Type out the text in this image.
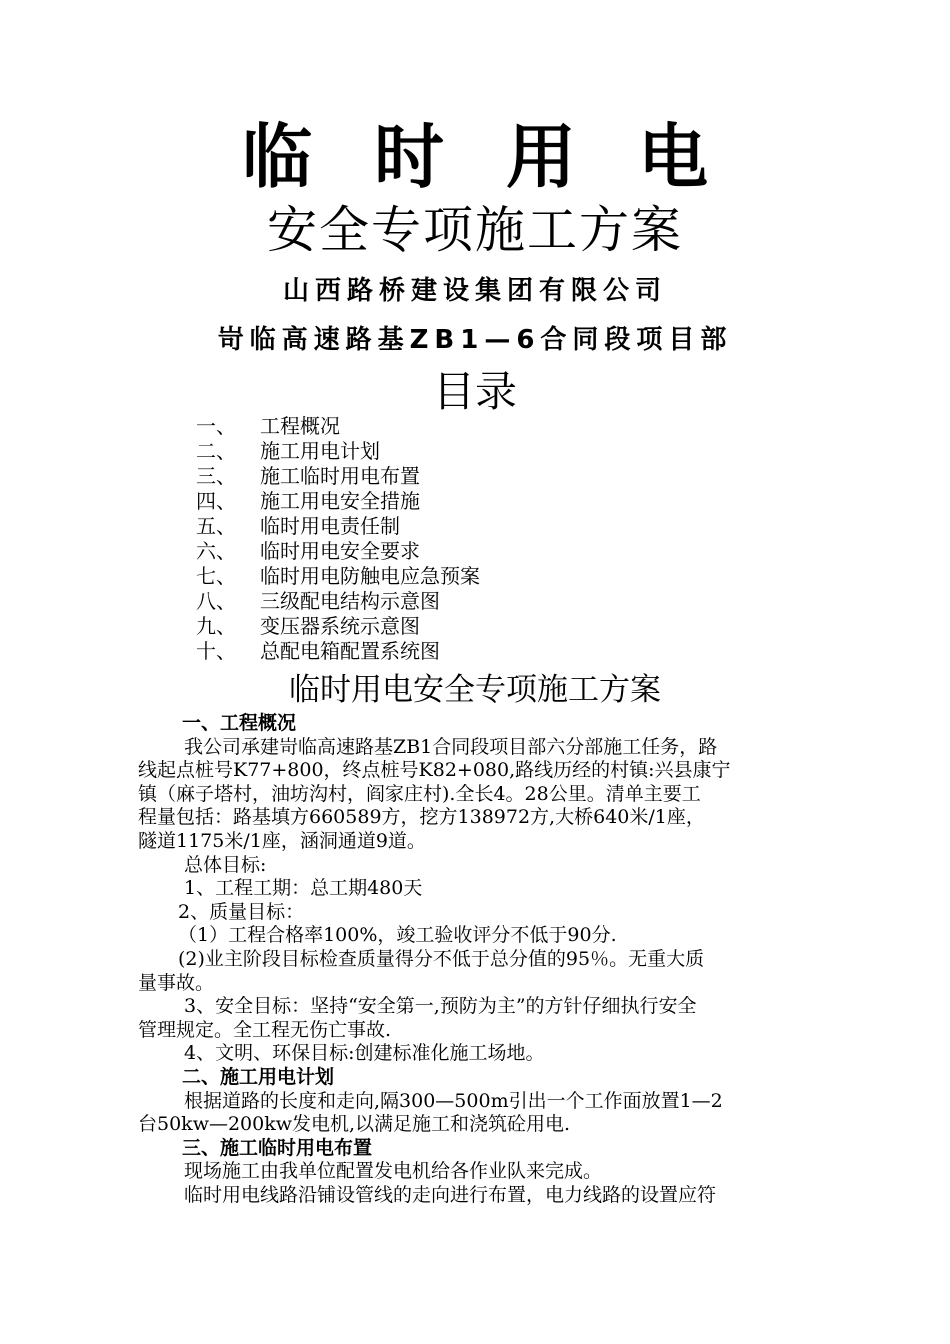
临时用电
安全专项施工方案
山西路桥建设集团有限公司
岢临高速路基ZB1—6合同段项目部
目录
一、 工程概况
二、 施工用电计划
三、 施工临时用电布置
四、 施工用电安全措施
五、 临时用电责任制
六、 临时用电安全要求
七、 临时用电防触电应急预案
八、 三级配电结构示意图
九、 变压器系统示意图
十、 总配电箱配置系统图
临时用电安全专项施工方案
一、工程概况
我公司承建岢临高速路基ZB1合同段项目部六分部施工任务，路
线起点桩号K77+800，终点桩号K82+080,路线历经的村镇:兴县康宁
镇（麻子塔村，油坊沟村，阎家庄村).全长4。28公里。清单主要工
程量包括：路基填方660589方，挖方138972方,大桥640米/1座，
隧道1175米/1座，涵洞通道9道。
总体目标:
1、工程工期：总工期480天
2、质量目标：
（1）工程合格率100%，竣工验收评分不低于90分.
(2)业主阶段目标检查质量得分不低于总分值的95％。无重大质
量事故。
3、安全目标：坚持“安全第一,预防为主”的方针仔细执行安全
管理规定。全工程无伤亡事故.
4、文明、环保目标:创建标准化施工场地。
二、施工用电计划
根据道路的长度和走向,隔300—500m引出一个工作面放置1—2
台50kw—200kw发电机,以满足施工和浇筑砼用电.
三、施工临时用电布置
现场施工由我单位配置发电机给各作业队来完成。
临时用电线路沿铺设管线的走向进行布置，电力线路的设置应符
